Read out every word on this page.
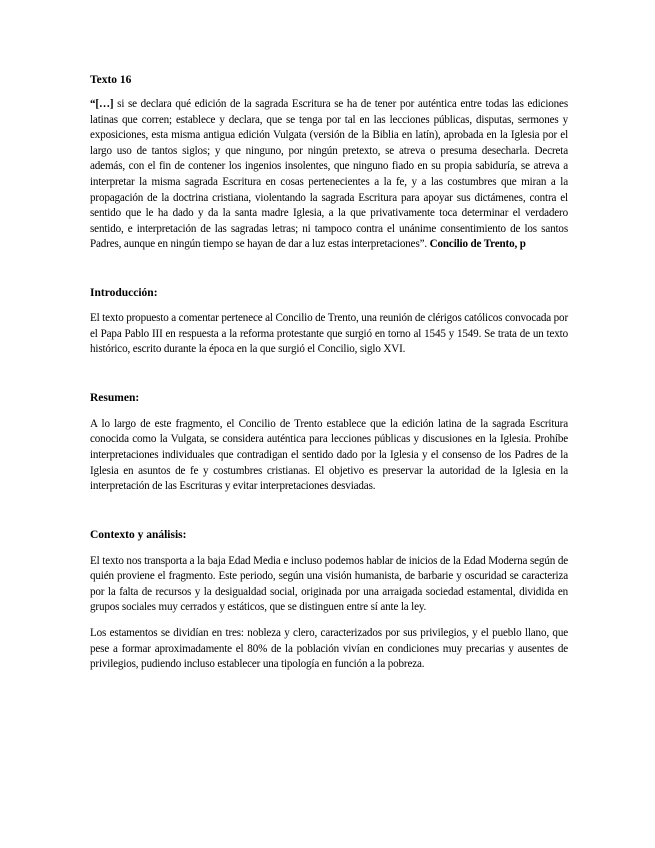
Texto 16

“[…] si se declara qué edición de la sagrada Escritura se ha de tener por auténtica entre todas las ediciones latinas que corren; establece y declara, que se tenga por tal en las lecciones públicas, disputas, sermones y exposiciones, esta misma antigua edición Vulgata (versión de la Biblia en latín), aprobada en la Iglesia por el largo uso de tantos siglos; y que ninguno, por ningún pretexto, se atreva o presuma desecharla. Decreta además, con el fin de contener los ingenios insolentes, que ninguno fiado en su propia sabiduría, se atreva a interpretar la misma sagrada Escritura en cosas pertenecientes a la fe, y a las costumbres que miran a la propagación de la doctrina cristiana, violentando la sagrada Escritura para apoyar sus dictámenes, contra el sentido que le ha dado y da la santa madre Iglesia, a la que privativamente toca determinar el verdadero sentido, e interpretación de las sagradas letras; ni tampoco contra el unánime consentimiento de los santos Padres, aunque en ningún tiempo se hayan de dar a luz estas interpretaciones”. Concilio de Trento, p

Introducción:

El texto propuesto a comentar pertenece al Concilio de Trento, una reunión de clérigos católicos convocada por el Papa Pablo III en respuesta a la reforma protestante que surgió en torno al 1545 y 1549. Se trata de un texto histórico, escrito durante la época en la que surgió el Concilio, siglo XVI.

Resumen:

A lo largo de este fragmento, el Concilio de Trento establece que la edición latina de la sagrada Escritura conocida como la Vulgata, se considera auténtica para lecciones públicas y discusiones en la Iglesia. Prohíbe interpretaciones individuales que contradigan el sentido dado por la Iglesia y el consenso de los Padres de la Iglesia en asuntos de fe y costumbres cristianas. El objetivo es preservar la autoridad de la Iglesia en la interpretación de las Escrituras y evitar interpretaciones desviadas.

Contexto y análisis:

El texto nos transporta a la baja Edad Media e incluso podemos hablar de inicios de la Edad Moderna según de quién proviene el fragmento. Este periodo, según una visión humanista, de barbarie y oscuridad se caracteriza por la falta de recursos y la desigualdad social, originada por una arraigada sociedad estamental, dividida en grupos sociales muy cerrados y estáticos, que se distinguen entre sí ante la ley.

Los estamentos se dividían en tres: nobleza y clero, caracterizados por sus privilegios, y el pueblo llano, que pese a formar aproximadamente el 80% de la población vivían en condiciones muy precarias y ausentes de privilegios, pudiendo incluso establecer una tipología en función a la pobreza.
